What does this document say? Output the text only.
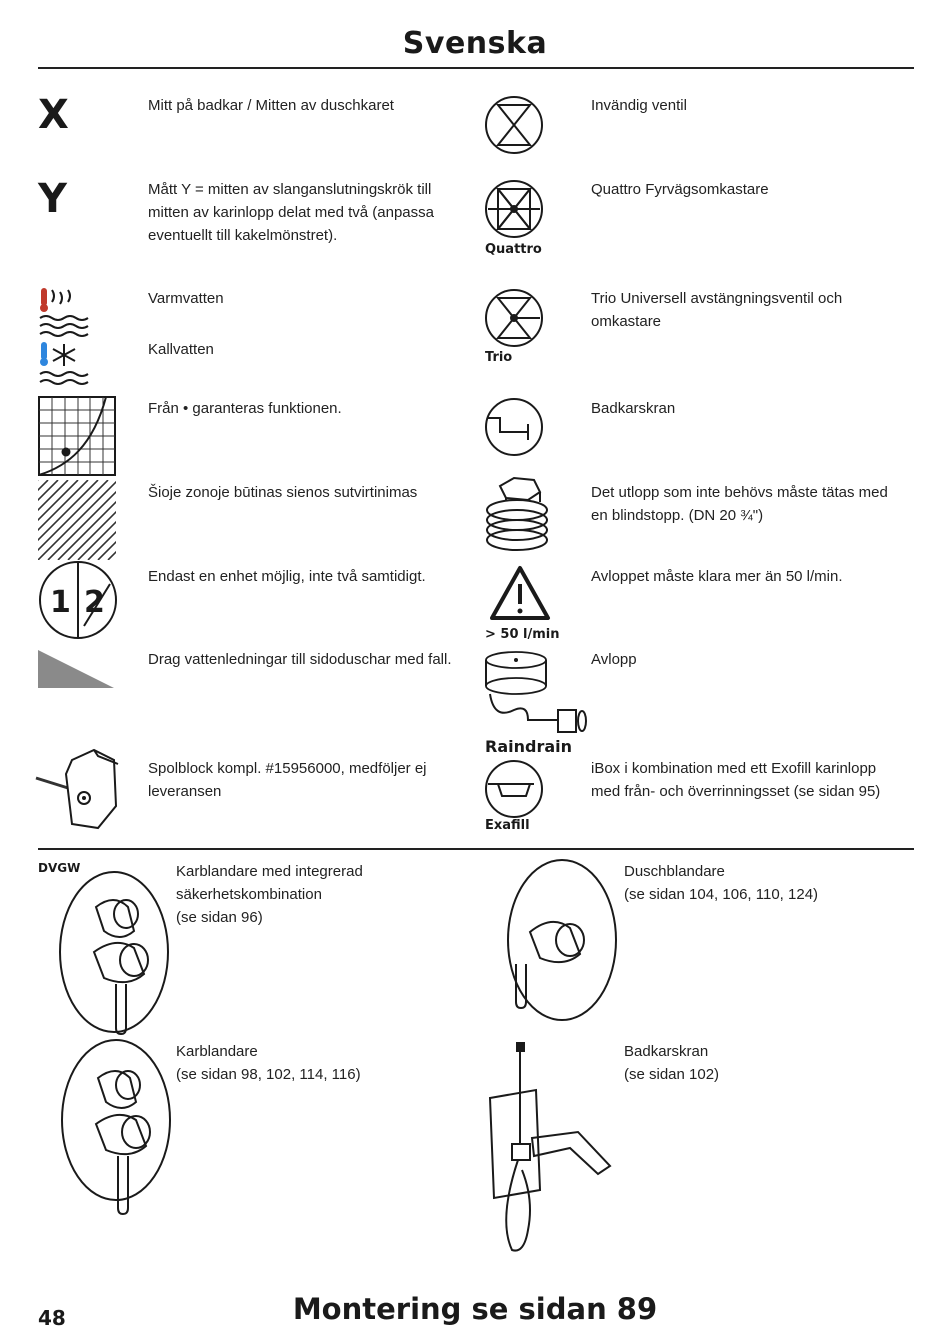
Svenska
X	Mitt på badkar / Mitten av duschkaret
Y	Mått Y = mitten av slanganslutningskrök till mitten av karinlopp delat med två (anpassa eventuellt till kakelmönstret).
Varmvatten
Kallvatten
Från • garanteras funktionen.
Šioje zonoje būtinas sienos sutvirtinimas
1 2
Endast en enhet möjlig, inte två samtidigt.
Drag vattenledningar till sidoduschar med fall.
Spolblock kompl. #15956000, medföljer ej leveransen
Invändig ventil
Quattro
Quattro Fyrvägsomkastare
Trio
Trio Universell avstängningsventil och omkastare
Badkarskran
Det utlopp som inte behövs måste tätas med en blindstopp. (DN 20 ¾")
> 50 l/min
Avloppet måste klara mer än 50 l/min.
Raindrain
Avlopp
Exafill
iBox i kombination med ett Exofill karinlopp med från- och överrinningsset (se sidan 95)
DVGW	Karblandare med integrerad
säkerhetskombination
(se sidan 96)
Duschblandare
(se sidan 104, 106, 110, 124)
Karblandare
(se sidan 98, 102, 114, 116)
Badkarskran
(se sidan 102)
48	Montering se sidan 89
